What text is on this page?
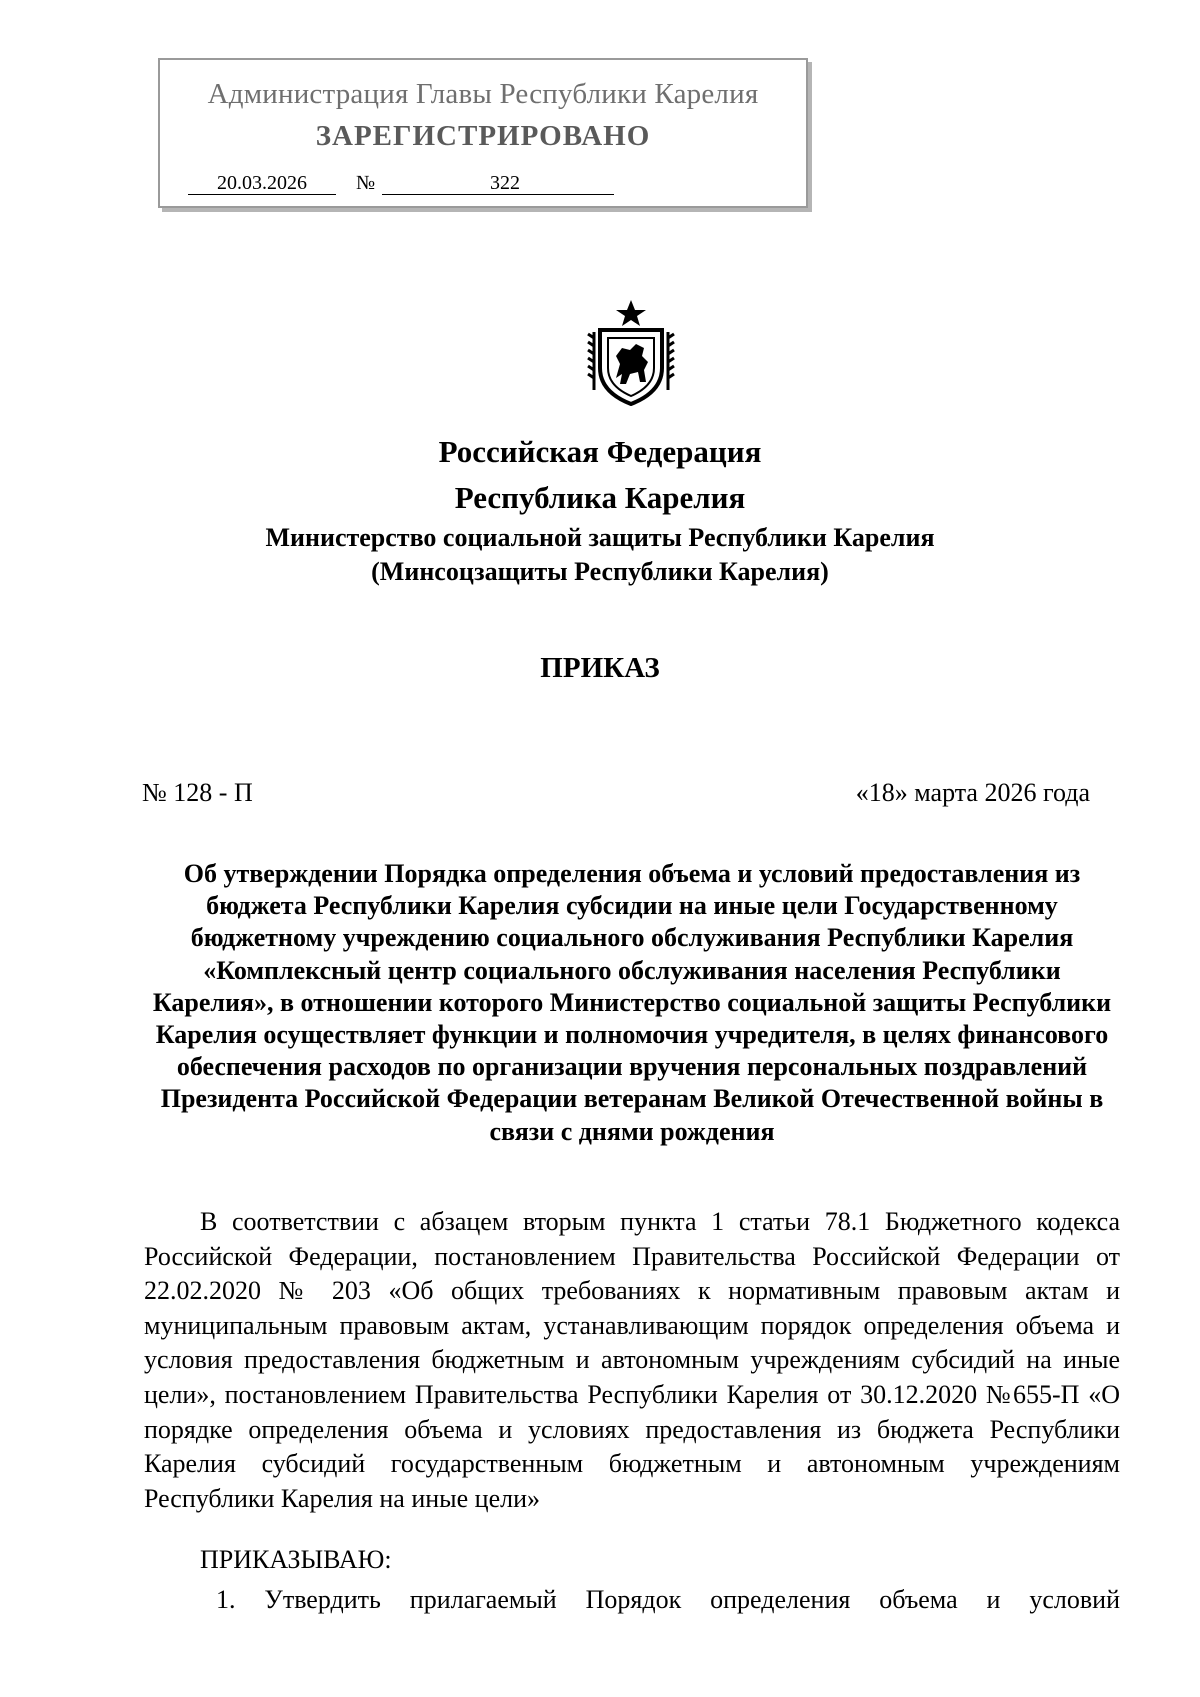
Администрация Главы Республики Карелия
ЗАРЕГИСТРИРОВАНО
20.03.2026	№	322
Российская Федерация
Республика Карелия
Министерство социальной защиты Республики Карелия
(Минсоцзащиты Республики Карелия)
ПРИКАЗ
№ 128 - П	«18» марта 2026 года
Об утверждении Порядка определения объема и условий предоставления из бюджета Республики Карелия субсидии на иные цели Государственному бюджетному учреждению социального обслуживания Республики Карелия «Комплексный центр социального обслуживания населения Республики Карелия», в отношении которого Министерство социальной защиты Республики Карелия осуществляет функции и полномочия учредителя, в целях финансового обеспечения расходов по организации вручения персональных поздравлений Президента Российской Федерации ветеранам Великой Отечественной войны в связи с днями рождения
В соответствии с абзацем вторым пункта 1 статьи 78.1 Бюджетного кодекса Российской Федерации, постановлением Правительства Российской Федерации от 22.02.2020 № 203 «Об общих требованиях к нормативным правовым актам и муниципальным правовым актам, устанавливающим порядок определения объема и условия предоставления бюджетным и автономным учреждениям субсидий на иные цели», постановлением Правительства Республики Карелия от 30.12.2020 №655-П «О порядке определения объема и условиях предоставления из бюджета Республики Карелия субсидий государственным бюджетным и автономным учреждениям Республики Карелия на иные цели»
ПРИКАЗЫВАЮ:
1. Утвердить прилагаемый Порядок определения объема и условий
